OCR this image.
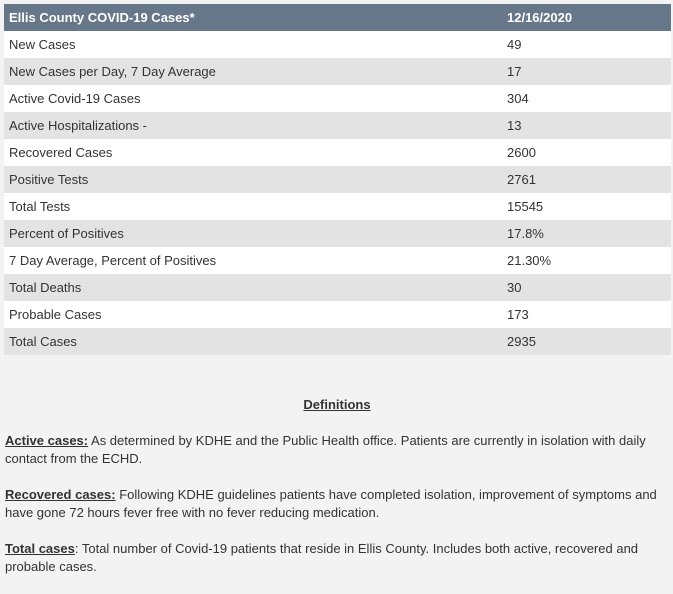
Ellis County COVID-19 Cases*	12/16/2020
New Cases	49
New Cases per Day, 7 Day Average	17
Active Covid-19 Cases	304
Active Hospitalizations -	13
Recovered Cases	2600
Positive Tests	2761
Total Tests	15545
Percent of Positives	17.8%
7 Day Average, Percent of Positives	21.30%
Total Deaths	30
Probable Cases	173
Total Cases	2935
Definitions

Active cases: As determined by KDHE and the Public Health office. Patients are currently in isolation with daily contact from the ECHD.

Recovered cases: Following KDHE guidelines patients have completed isolation, improvement of symptoms and have gone 72 hours fever free with no fever reducing medication.

Total cases: Total number of Covid-19 patients that reside in Ellis County. Includes both active, recovered and probable cases.
